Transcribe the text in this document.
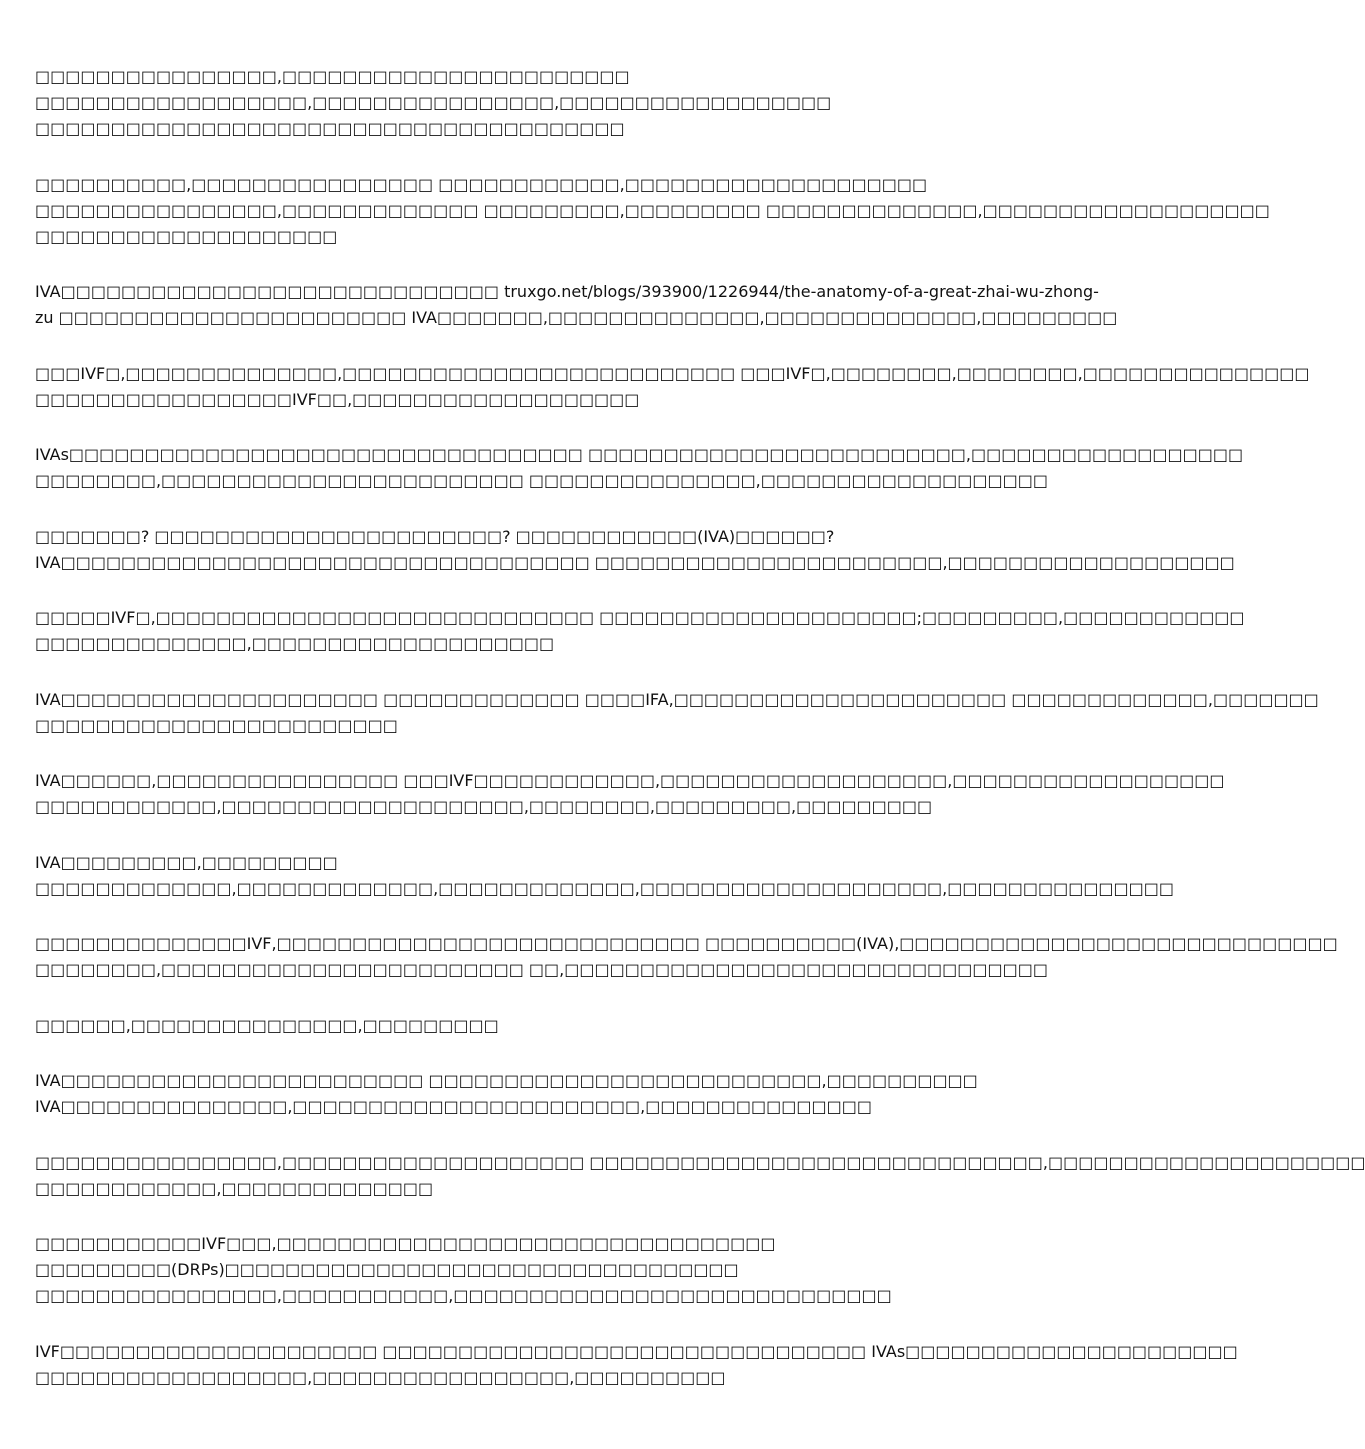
□□□□□□□□□□□□□□□□,□□□□□□□□□□□□□□□□□□□□□□□
□□□□□□□□□□□□□□□□□□,□□□□□□□□□□□□□□□□,□□□□□□□□□□□□□□□□□□
□□□□□□□□□□□□□□□□□□□□□□□□□□□□□□□□□□□□□□□

□□□□□□□□□□,□□□□□□□□□□□□□□□□ □□□□□□□□□□□□,□□□□□□□□□□□□□□□□□□□□
□□□□□□□□□□□□□□□□,□□□□□□□□□□□□□ □□□□□□□□□,□□□□□□□□□ □□□□□□□□□□□□□□,□□□□□□□□□□□□□□□□□□□
□□□□□□□□□□□□□□□□□□□□

IVA□□□□□□□□□□□□□□□□□□□□□□□□□□□□□ truxgo.net/blogs/393900/1226944/the-anatomy-of-a-great-zhai-wu-zhong-
zu □□□□□□□□□□□□□□□□□□□□□□□ IVA□□□□□□□,□□□□□□□□□□□□□□,□□□□□□□□□□□□□□,□□□□□□□□□

□□□IVF□,□□□□□□□□□□□□□□,□□□□□□□□□□□□□□□□□□□□□□□□□□ □□□IVF□,□□□□□□□□,□□□□□□□□,□□□□□□□□□□□□□□□
□□□□□□□□□□□□□□□□□IVF□□,□□□□□□□□□□□□□□□□□□□

IVAs□□□□□□□□□□□□□□□□□□□□□□□□□□□□□□□□□□ □□□□□□□□□□□□□□□□□□□□□□□□□,□□□□□□□□□□□□□□□□□□
□□□□□□□□,□□□□□□□□□□□□□□□□□□□□□□□□ □□□□□□□□□□□□□□□,□□□□□□□□□□□□□□□□□□□

□□□□□□□? □□□□□□□□□□□□□□□□□□□□□□□? □□□□□□□□□□□□(IVA)□□□□□□?
IVA□□□□□□□□□□□□□□□□□□□□□□□□□□□□□□□□□□□ □□□□□□□□□□□□□□□□□□□□□□□,□□□□□□□□□□□□□□□□□□□

□□□□□IVF□,□□□□□□□□□□□□□□□□□□□□□□□□□□□□□ □□□□□□□□□□□□□□□□□□□□□;□□□□□□□□□,□□□□□□□□□□□□
□□□□□□□□□□□□□□,□□□□□□□□□□□□□□□□□□□□

IVA□□□□□□□□□□□□□□□□□□□□□ □□□□□□□□□□□□□ □□□□IFA,□□□□□□□□□□□□□□□□□□□□□□ □□□□□□□□□□□□□,□□□□□□□
□□□□□□□□□□□□□□□□□□□□□□□□

IVA□□□□□□,□□□□□□□□□□□□□□□□ □□□IVF□□□□□□□□□□□□,□□□□□□□□□□□□□□□□□□□,□□□□□□□□□□□□□□□□□□
□□□□□□□□□□□□,□□□□□□□□□□□□□□□□□□□□,□□□□□□□□,□□□□□□□□□,□□□□□□□□□

IVA□□□□□□□□□,□□□□□□□□□
□□□□□□□□□□□□□,□□□□□□□□□□□□□,□□□□□□□□□□□□□,□□□□□□□□□□□□□□□□□□□□,□□□□□□□□□□□□□□□

□□□□□□□□□□□□□□IVF,□□□□□□□□□□□□□□□□□□□□□□□□□□□□ □□□□□□□□□□(IVA),□□□□□□□□□□□□□□□□□□□□□□□□□□□□□
□□□□□□□□,□□□□□□□□□□□□□□□□□□□□□□□□ □□,□□□□□□□□□□□□□□□□□□□□□□□□□□□□□□□□

□□□□□□,□□□□□□□□□□□□□□□,□□□□□□□□□

IVA□□□□□□□□□□□□□□□□□□□□□□□□ □□□□□□□□□□□□□□□□□□□□□□□□□□,□□□□□□□□□□
IVA□□□□□□□□□□□□□□□,□□□□□□□□□□□□□□□□□□□□□□□,□□□□□□□□□□□□□□□

□□□□□□□□□□□□□□□□,□□□□□□□□□□□□□□□□□□□□ □□□□□□□□□□□□□□□□□□□□□□□□□□□□□□,□□□□□□□□□□□□□□□□□□□□□
□□□□□□□□□□□□,□□□□□□□□□□□□□□

□□□□□□□□□□□IVF□□□,□□□□□□□□□□□□□□□□□□□□□□□□□□□□□□□□□
□□□□□□□□□(DRPs)□□□□□□□□□□□□□□□□□□□□□□□□□□□□□□□□□□
□□□□□□□□□□□□□□□□,□□□□□□□□□□□,□□□□□□□□□□□□□□□□□□□□□□□□□□□□□

IVF□□□□□□□□□□□□□□□□□□□□□ □□□□□□□□□□□□□□□□□□□□□□□□□□□□□□□□ IVAs□□□□□□□□□□□□□□□□□□□□□□
□□□□□□□□□□□□□□□□□□,□□□□□□□□□□□□□□□□□,□□□□□□□□□□
